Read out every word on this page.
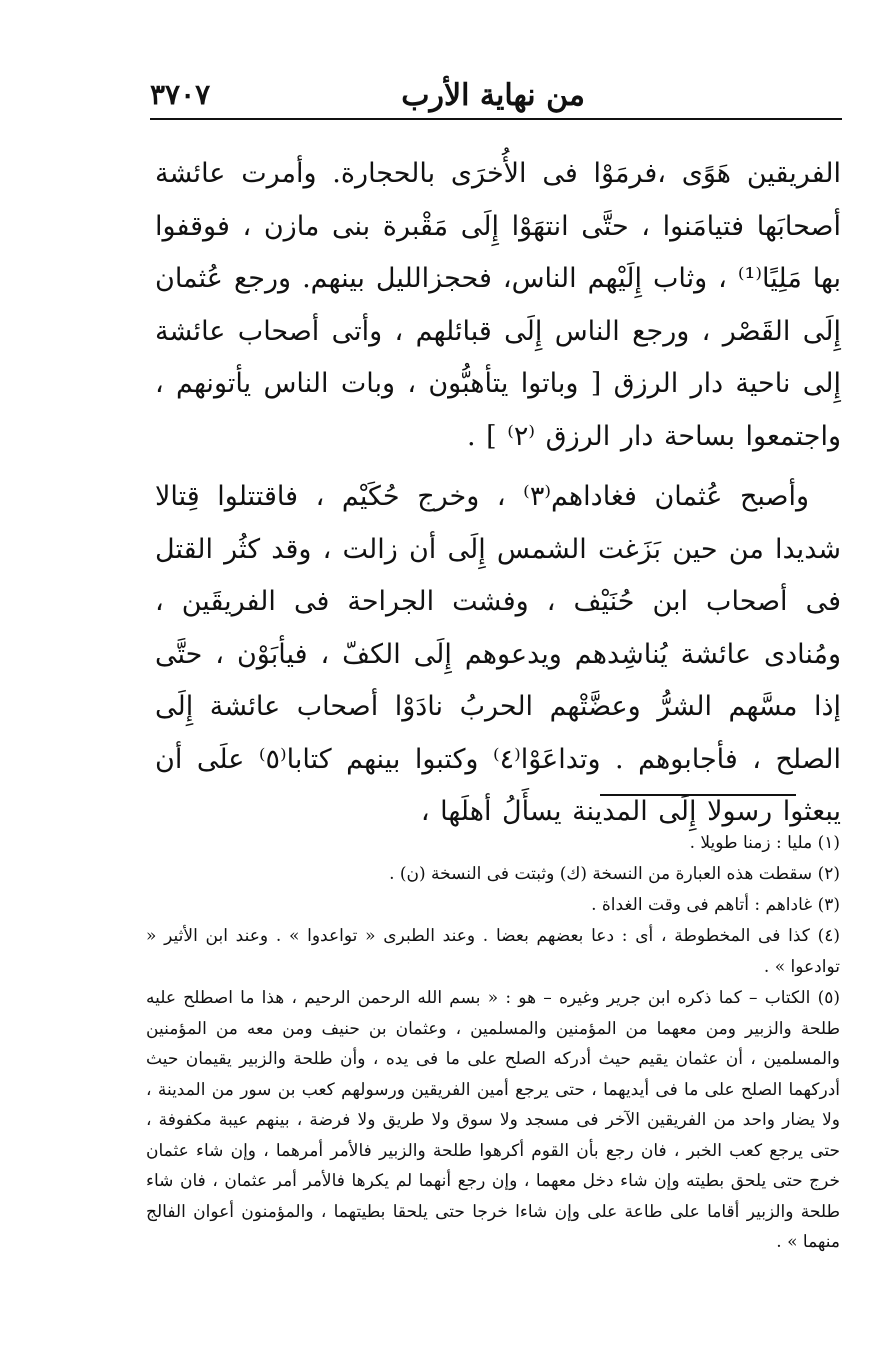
من نهاية الأرب
٣٧٠٧

الفريقين هَوًى ،فرمَوْا فى الأُخرَى بالحجارة. وأمرت عائشة أصحابَها فتيامَنوا ، حتَّى انتهَوْا إِلَى مَقْبرة بنى مازن ، فوقفوا بها مَلِيًا⁽¹⁾ ، وثاب إِلَيْهم الناس، فحجزالليل بينهم. ورجع عُثمان إِلَى القَصْر ، ورجع الناس إِلَى قبائلهم ، وأتى أصحاب عائشة إِلى ناحية دار الرزق [ وباتوا يتأهبُّون ، وبات الناس يأتونهم ، واجتمعوا بساحة دار الرزق ⁽٢⁾ ] .

وأصبح عُثمان فغاداهم⁽٣⁾ ، وخرج حُكَيْم ، فاقتتلوا قِتالا شديدا من حين بَزَغت الشمس إِلَى أن زالت ، وقد كثُر القتل فى أصحاب ابن حُنَيْف ، وفشت الجراحة فى الفريقَين ، ومُنادى عائشة يُناشِدهم ويدعوهم إِلَى الكفّ ، فيأبَوْن ، حتَّى إذا مسَّهم الشرُّ وعضَّتْهم الحربُ نادَوْا أصحاب عائشة إِلَى الصلح ، فأجابوهم . وتداعَوْا⁽٤⁾ وكتبوا بينهم كتابا⁽٥⁾ علَى أن يبعثوا رسولا إِلَى المدينة يسأَلُ أهلَها ،

(١) مليا : زمنا طويلا .

(٢) سقطت هذه العبارة من النسخة (ك) وثبتت فى النسخة (ن) .

(٣) غاداهم : أتاهم فى وقت الغداة .

(٤) كذا فى المخطوطة ، أى : دعا بعضهم بعضا . وعند الطبرى « تواعدوا » . وعند ابن الأثير « توادعوا » .

(٥) الكتاب – كما ذكره ابن جرير وغيره – هو : « بسم الله الرحمن الرحيم ، هذا ما اصطلح عليه طلحة والزبير ومن معهما من المؤمنين والمسلمين ، وعثمان بن حنيف ومن معه من المؤمنين والمسلمين ، أن عثمان يقيم حيث أدركه الصلح على ما فى يده ، وأن طلحة والزبير يقيمان حيث أدركهما الصلح على ما فى أيديهما ، حتى يرجع أمين الفريقين ورسولهم كعب بن سور من المدينة ، ولا يضار واحد من الفريقين الآخر فى مسجد ولا سوق ولا طريق ولا فرضة ، بينهم عيبة مكفوفة ، حتى يرجع كعب الخبر ، فان رجع بأن القوم أكرهوا طلحة والزبير فالأمر أمرهما ، وإن شاء عثمان خرج حتى يلحق بطيته وإن شاء دخل معهما ، وإن رجع أنهما لم يكرها فالأمر أمر عثمان ، فان شاء طلحة والزبير أقاما على طاعة على وإن شاءا خرجا حتى يلحقا بطيتهما ، والمؤمنون أعوان الفالج منهما » .
